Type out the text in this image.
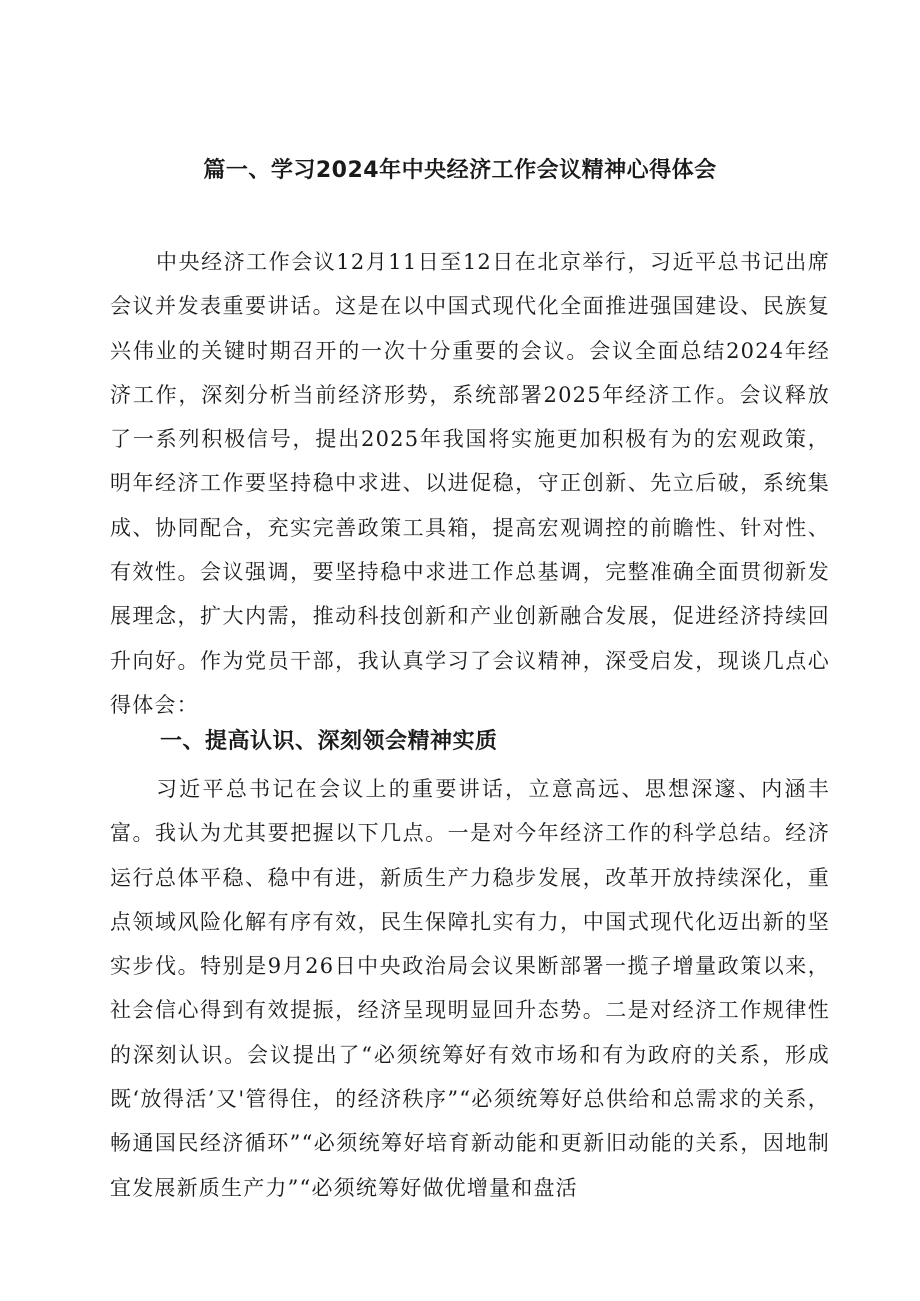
篇一、学习2024年中央经济工作会议精神心得体会

中央经济工作会议12月11日至12日在北京举行，习近平总书记出席会议并发表重要讲话。这是在以中国式现代化全面推进强国建设、民族复兴伟业的关键时期召开的一次十分重要的会议。会议全面总结2024年经济工作，深刻分析当前经济形势，系统部署2025年经济工作。会议释放了一系列积极信号，提出2025年我国将实施更加积极有为的宏观政策，明年经济工作要坚持稳中求进、以进促稳，守正创新、先立后破，系统集成、协同配合，充实完善政策工具箱，提高宏观调控的前瞻性、针对性、有效性。会议强调，要坚持稳中求进工作总基调，完整准确全面贯彻新发展理念，扩大内需，推动科技创新和产业创新融合发展，促进经济持续回升向好。作为党员干部，我认真学习了会议精神，深受启发，现谈几点心得体会：

一、提高认识、深刻领会精神实质

习近平总书记在会议上的重要讲话，立意高远、思想深邃、内涵丰富。我认为尤其要把握以下几点。一是对今年经济工作的科学总结。经济运行总体平稳、稳中有进，新质生产力稳步发展，改革开放持续深化，重点领域风险化解有序有效，民生保障扎实有力，中国式现代化迈出新的坚实步伐。特别是9月26日中央政治局会议果断部署一揽子增量政策以来，社会信心得到有效提振，经济呈现明显回升态势。二是对经济工作规律性的深刻认识。会议提出了“必须统筹好有效市场和有为政府的关系，形成既‘放得活’又'管得住，的经济秩序”“必须统筹好总供给和总需求的关系，畅通国民经济循环”“必须统筹好培育新动能和更新旧动能的关系，因地制宜发展新质生产力”“必须统筹好做优增量和盘活
